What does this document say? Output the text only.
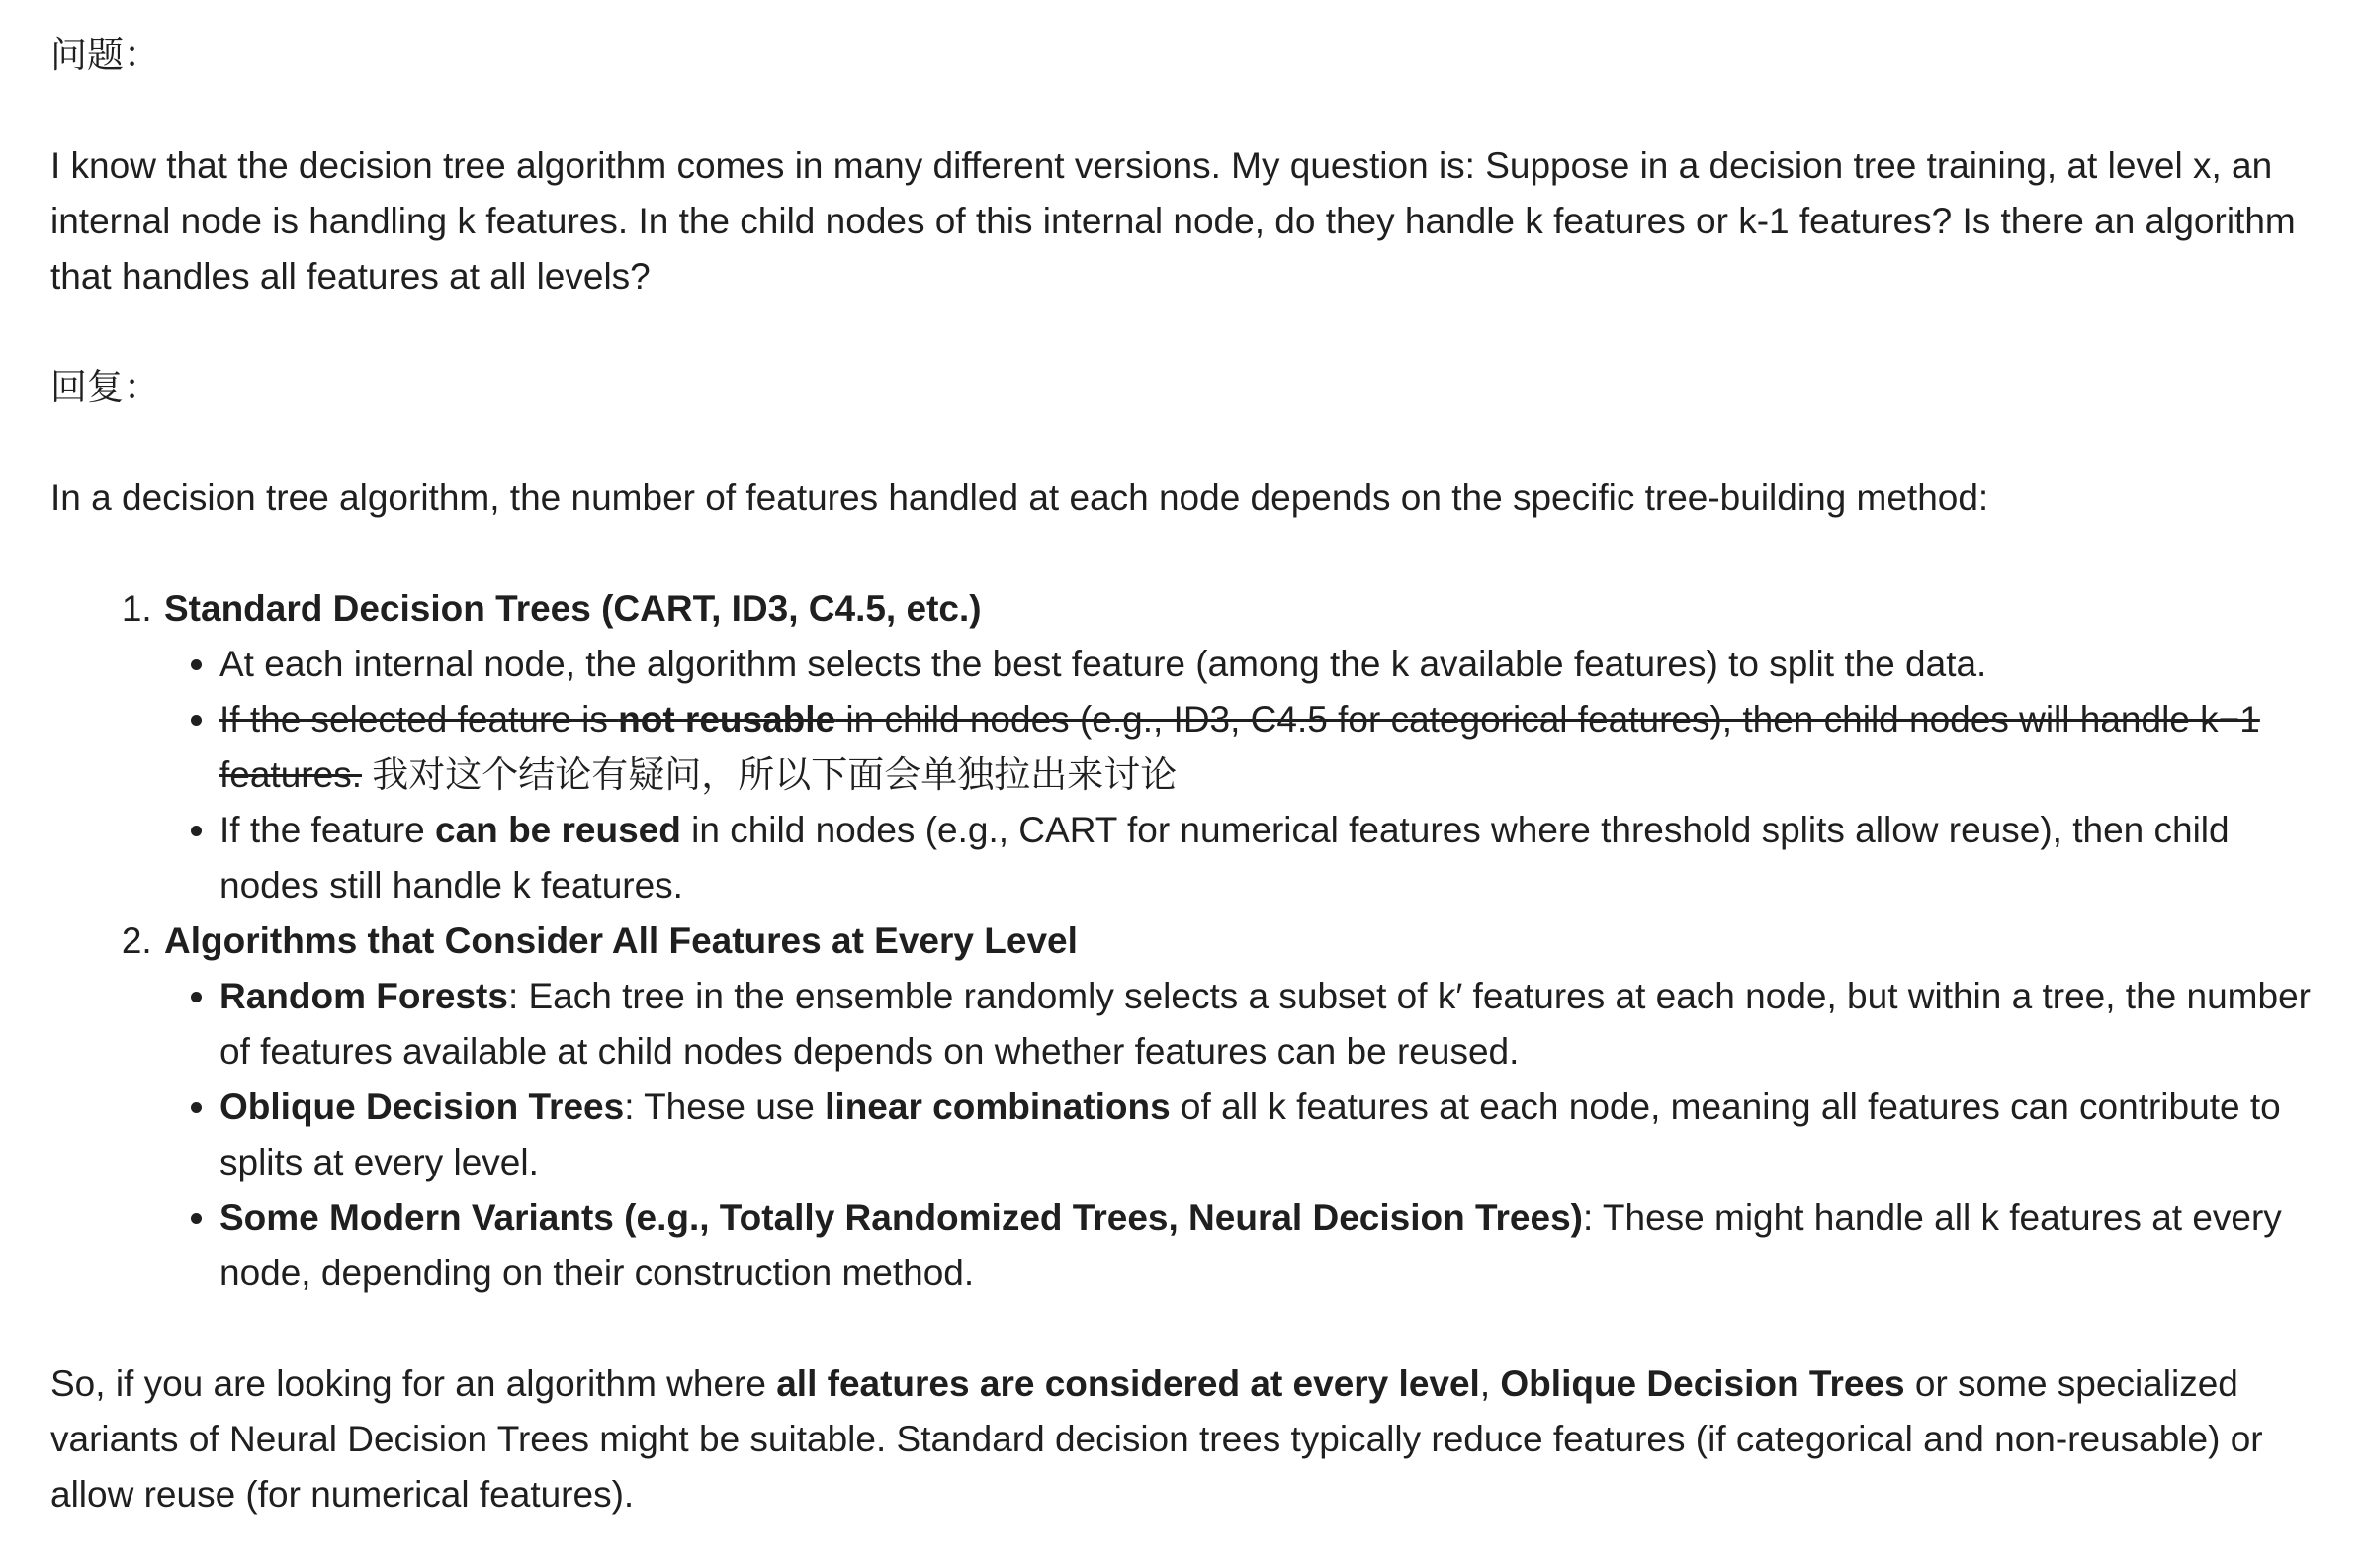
问题：

I know that the decision tree algorithm comes in many different versions. My question is: Suppose in a decision tree training, at level x, an internal node is handling k features. In the child nodes of this internal node, do they handle k features or k-1 features? Is there an algorithm that handles all features at all levels?

回复：

In a decision tree algorithm, the number of features handled at each node depends on the specific tree-building method:

1. Standard Decision Trees (CART, ID3, C4.5, etc.)
• At each internal node, the algorithm selects the best feature (among the k available features) to split the data.
• If the selected feature is not reusable in child nodes (e.g., ID3, C4.5 for categorical features), then child nodes will handle k−1 features. 我对这个结论有疑问，所以下面会单独拉出来讨论
• If the feature can be reused in child nodes (e.g., CART for numerical features where threshold splits allow reuse), then child nodes still handle k features.
2. Algorithms that Consider All Features at Every Level
• Random Forests: Each tree in the ensemble randomly selects a subset of k′ features at each node, but within a tree, the number of features available at child nodes depends on whether features can be reused.
• Oblique Decision Trees: These use linear combinations of all k features at each node, meaning all features can contribute to splits at every level.
• Some Modern Variants (e.g., Totally Randomized Trees, Neural Decision Trees): These might handle all k features at every node, depending on their construction method.

So, if you are looking for an algorithm where all features are considered at every level, Oblique Decision Trees or some specialized variants of Neural Decision Trees might be suitable. Standard decision trees typically reduce features (if categorical and non-reusable) or allow reuse (for numerical features).
